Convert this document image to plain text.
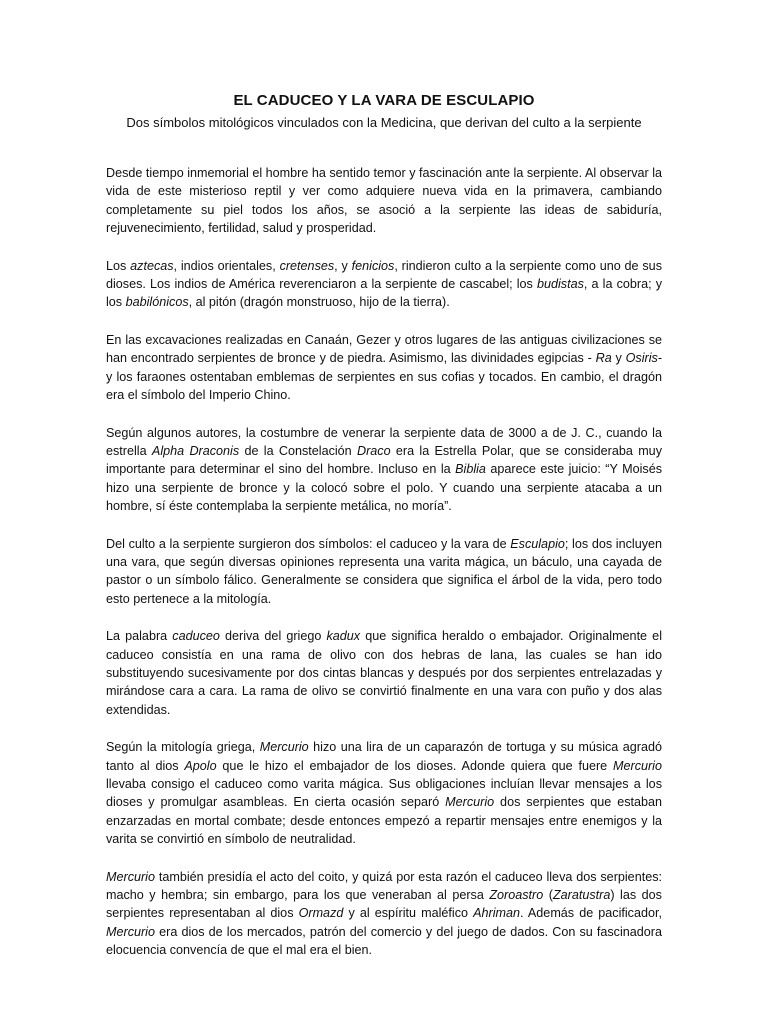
EL CADUCEO Y LA VARA DE ESCULAPIO
Dos símbolos mitológicos vinculados con la Medicina, que derivan del culto a la serpiente

Desde tiempo inmemorial el hombre ha sentido temor y fascinación ante la serpiente. Al observar la vida de este misterioso reptil y ver como adquiere nueva vida en la primavera, cambiando completamente su piel todos los años, se asoció a la serpiente las ideas de sabiduría, rejuvenecimiento, fertilidad, salud y prosperidad.

Los aztecas, indios orientales, cretenses, y fenicios, rindieron culto a la serpiente como uno de sus dioses. Los indios de América reverenciaron a la serpiente de cascabel; los budistas, a la cobra; y los babilónicos, al pitón (dragón monstruoso, hijo de la tierra).

En las excavaciones realizadas en Canaán, Gezer y otros lugares de las antiguas civilizaciones se han encontrado serpientes de bronce y de piedra. Asimismo, las divinidades egipcias - Ra y Osiris- y los faraones ostentaban emblemas de serpientes en sus cofias y tocados. En cambio, el dragón era el símbolo del Imperio Chino.

Según algunos autores, la costumbre de venerar la serpiente data de 3000 a de J. C., cuando la estrella Alpha Draconis de la Constelación Draco era la Estrella Polar, que se consideraba muy importante para determinar el sino del hombre. Incluso en la Biblia aparece este juicio: “Y Moisés hizo una serpiente de bronce y la colocó sobre el polo. Y cuando una serpiente atacaba a un hombre, sí éste contemplaba la serpiente metálica, no moría”.

Del culto a la serpiente surgieron dos símbolos: el caduceo y la vara de Esculapio; los dos incluyen una vara, que según diversas opiniones representa una varita mágica, un báculo, una cayada de pastor o un símbolo fálico. Generalmente se considera que significa el árbol de la vida, pero todo esto pertenece a la mitología.

La palabra caduceo deriva del griego kadux que significa heraldo o embajador. Originalmente el caduceo consistía en una rama de olivo con dos hebras de lana, las cuales se han ido substituyendo sucesivamente por dos cintas blancas y después por dos serpientes entrelazadas y mirándose cara a cara. La rama de olivo se convirtió finalmente en una vara con puño y dos alas extendidas.

Según la mitología griega, Mercurio hizo una lira de un caparazón de tortuga y su música agradó tanto al dios Apolo que le hizo el embajador de los dioses. Adonde quiera que fuere Mercurio llevaba consigo el caduceo como varita mágica. Sus obligaciones incluían llevar mensajes a los dioses y promulgar asambleas. En cierta ocasión separó Mercurio dos serpientes que estaban enzarzadas en mortal combate; desde entonces empezó a repartir mensajes entre enemigos y la varita se convirtió en símbolo de neutralidad.

Mercurio también presidía el acto del coito, y quizá por esta razón el caduceo lleva dos serpientes: macho y hembra; sin embargo, para los que veneraban al persa Zoroastro (Zaratustra) las dos serpientes representaban al dios Ormazd y al espíritu maléfico Ahriman. Además de pacificador, Mercurio era dios de los mercados, patrón del comercio y del juego de dados. Con su fascinadora elocuencia convencía de que el mal era el bien.
